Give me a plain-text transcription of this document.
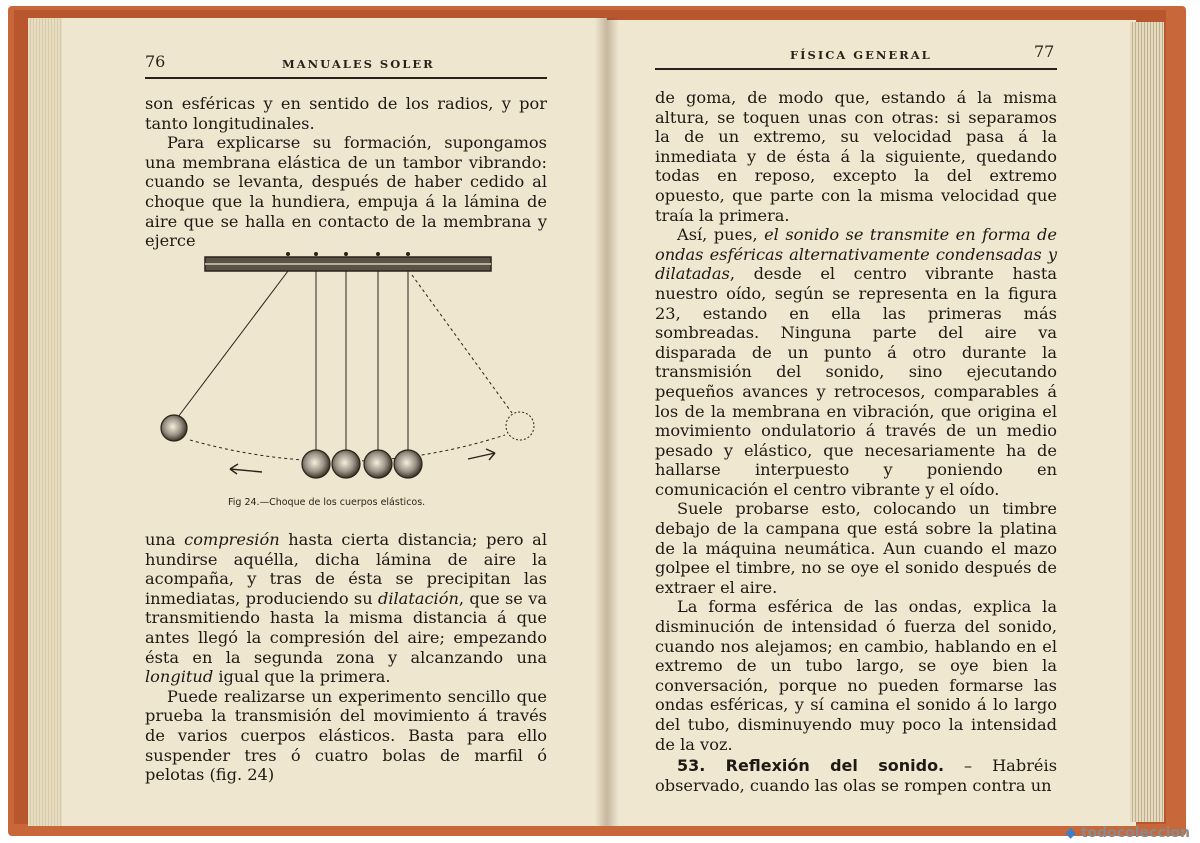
76	MANUALES SOLER

son esféricas y en sentido de los radios, y por tanto longitudinales.

Para explicarse su formación, supongamos una membrana elástica de un tambor vibrando: cuando se levanta, después de haber cedido al choque que la hundiera, empuja á la lámina de aire que se halla en contacto de la membrana y ejerce

Fig 24.—Choque de los cuerpos elásticos.

una compresión hasta cierta distancia; pero al hundirse aquélla, dicha lámina de aire la acompaña, y tras de ésta se precipitan las inmediatas, produciendo su dilatación, que se va transmitiendo hasta la misma distancia á que antes llegó la compresión del aire; empezando ésta en la segunda zona y alcanzando una longitud igual que la primera.

Puede realizarse un experimento sencillo que prueba la transmisión del movimiento á través de varios cuerpos elásticos. Basta para ello suspender tres ó cuatro bolas de marfil ó pelotas (fig. 24)

FÍSICA GENERAL	77

de goma, de modo que, estando á la misma altura, se toquen unas con otras: si separamos la de un extremo, su velocidad pasa á la inmediata y de ésta á la siguiente, quedando todas en reposo, excepto la del extremo opuesto, que parte con la misma velocidad que traía la primera.

Así, pues, el sonido se transmite en forma de ondas esféricas alternativamente condensadas y dilatadas, desde el centro vibrante hasta nuestro oído, según se representa en la figura 23, estando en ella las primeras más sombreadas. Ninguna parte del aire va disparada de un punto á otro durante la transmisión del sonido, sino ejecutando pequeños avances y retrocesos, comparables á los de la membrana en vibración, que origina el movimiento ondulatorio á través de un medio pesado y elástico, que necesariamente ha de hallarse interpuesto y poniendo en comunicación el centro vibrante y el oído.

Suele probarse esto, colocando un timbre debajo de la campana que está sobre la platina de la máquina neumática. Aun cuando el mazo golpee el timbre, no se oye el sonido después de extraer el aire.

La forma esférica de las ondas, explica la disminución de intensidad ó fuerza del sonido, cuando nos alejamos; en cambio, hablando en el extremo de un tubo largo, se oye bien la conversación, porque no pueden formarse las ondas esféricas, y sí camina el sonido á lo largo del tubo, disminuyendo muy poco la intensidad de la voz.

53. Reflexión del sonido. – Habréis observado, cuando las olas se rompen contra un

◆ todocoleccion
